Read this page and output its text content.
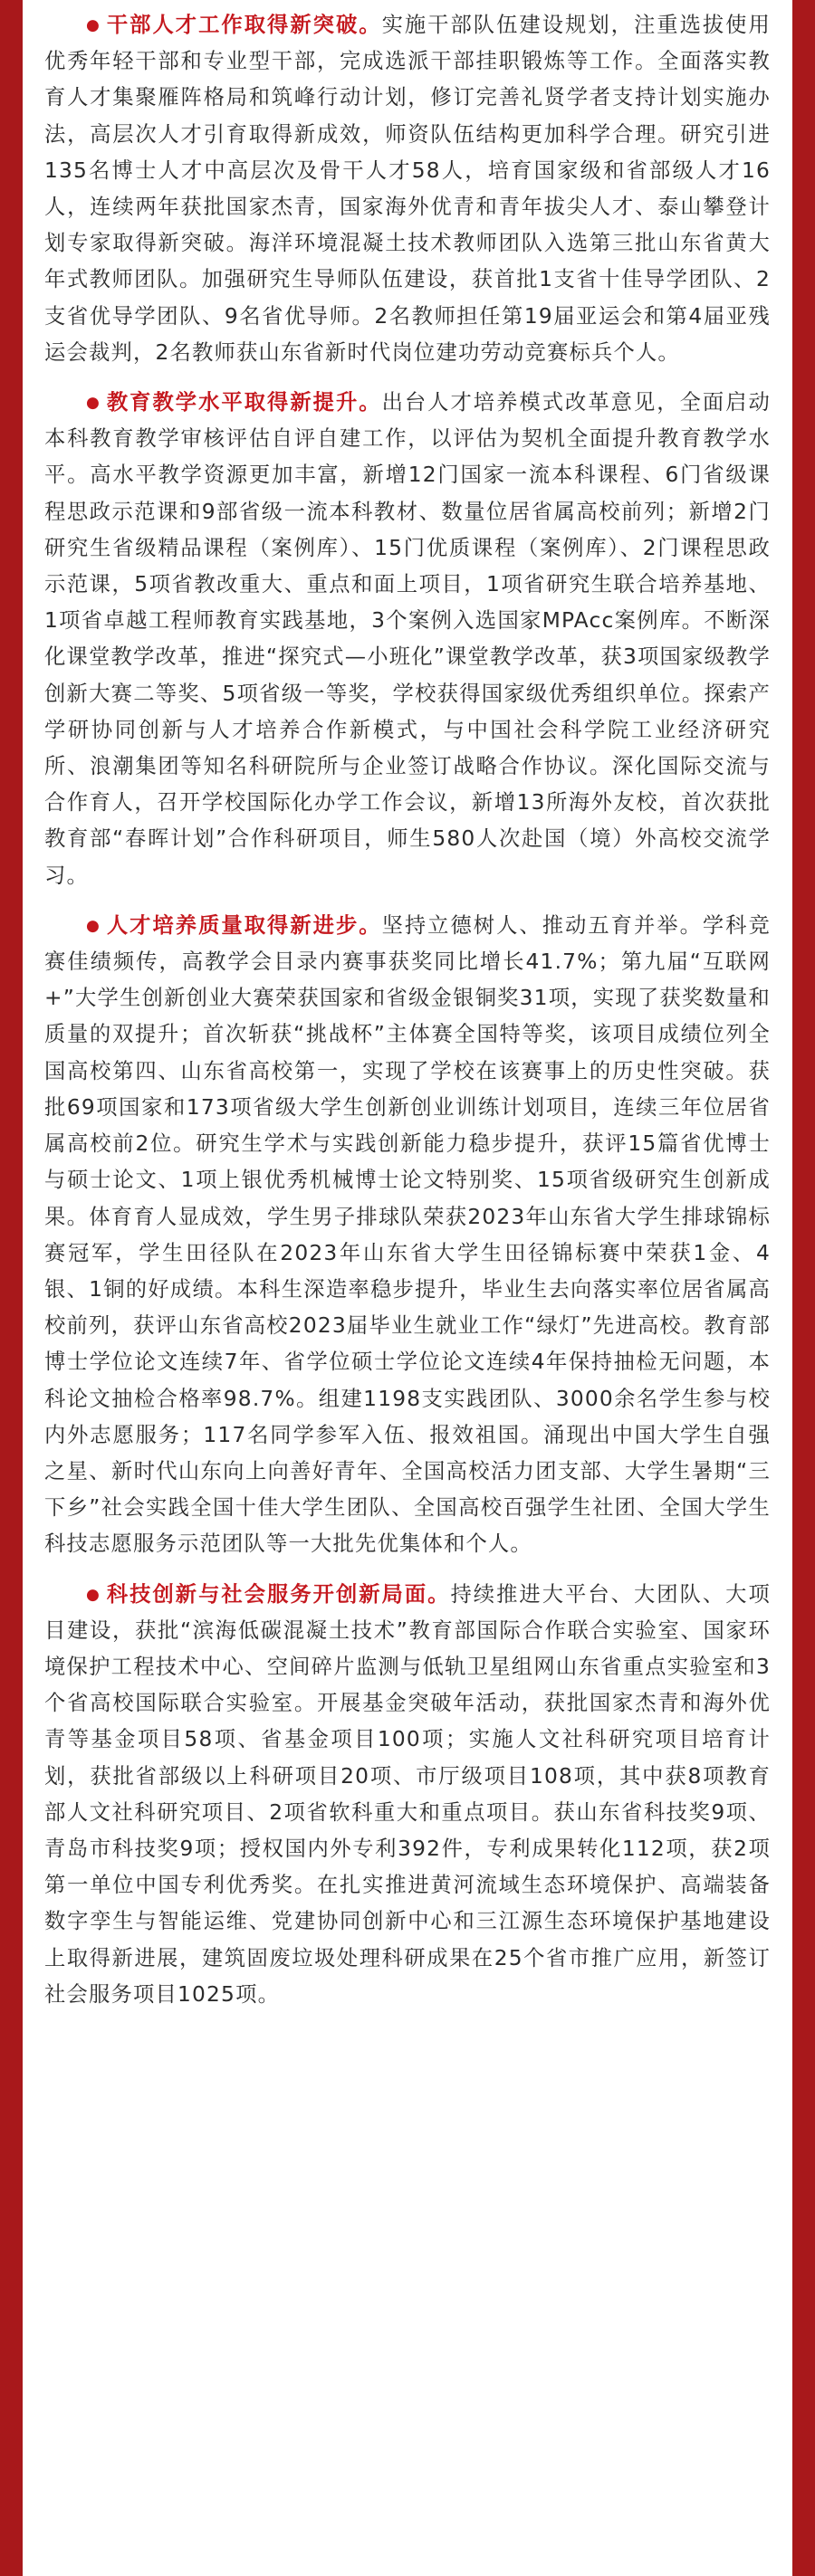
● 干部人才工作取得新突破。实施干部队伍建设规划，注重选拔使用优秀年轻干部和专业型干部，完成选派干部挂职锻炼等工作。全面落实教育人才集聚雁阵格局和筑峰行动计划，修订完善礼贤学者支持计划实施办法，高层次人才引育取得新成效，师资队伍结构更加科学合理。研究引进135名博士人才中高层次及骨干人才58人，培育国家级和省部级人才16人，连续两年获批国家杰青，国家海外优青和青年拔尖人才、泰山攀登计划专家取得新突破。海洋环境混凝土技术教师团队入选第三批山东省黄大年式教师团队。加强研究生导师队伍建设，获首批1支省十佳导学团队、2支省优导学团队、9名省优导师。2名教师担任第19届亚运会和第4届亚残运会裁判，2名教师获山东省新时代岗位建功劳动竞赛标兵个人。

● 教育教学水平取得新提升。出台人才培养模式改革意见，全面启动本科教育教学审核评估自评自建工作，以评估为契机全面提升教育教学水平。高水平教学资源更加丰富，新增12门国家一流本科课程、6门省级课程思政示范课和9部省级一流本科教材、数量位居省属高校前列；新增2门研究生省级精品课程（案例库）、15门优质课程（案例库）、2门课程思政示范课，5项省教改重大、重点和面上项目，1项省研究生联合培养基地、1项省卓越工程师教育实践基地，3个案例入选国家MPAcc案例库。不断深化课堂教学改革，推进“探究式—小班化”课堂教学改革，获3项国家级教学创新大赛二等奖、5项省级一等奖，学校获得国家级优秀组织单位。探索产学研协同创新与人才培养合作新模式，与中国社会科学院工业经济研究所、浪潮集团等知名科研院所与企业签订战略合作协议。深化国际交流与合作育人，召开学校国际化办学工作会议，新增13所海外友校，首次获批教育部“春晖计划”合作科研项目，师生580人次赴国（境）外高校交流学习。

● 人才培养质量取得新进步。坚持立德树人、推动五育并举。学科竞赛佳绩频传，高教学会目录内赛事获奖同比增长41.7%；第九届“互联网+”大学生创新创业大赛荣获国家和省级金银铜奖31项，实现了获奖数量和质量的双提升；首次斩获“挑战杯”主体赛全国特等奖，该项目成绩位列全国高校第四、山东省高校第一，实现了学校在该赛事上的历史性突破。获批69项国家和173项省级大学生创新创业训练计划项目，连续三年位居省属高校前2位。研究生学术与实践创新能力稳步提升，获评15篇省优博士与硕士论文、1项上银优秀机械博士论文特别奖、15项省级研究生创新成果。体育育人显成效，学生男子排球队荣获2023年山东省大学生排球锦标赛冠军，学生田径队在2023年山东省大学生田径锦标赛中荣获1金、4银、1铜的好成绩。本科生深造率稳步提升，毕业生去向落实率位居省属高校前列，获评山东省高校2023届毕业生就业工作“绿灯”先进高校。教育部博士学位论文连续7年、省学位硕士学位论文连续4年保持抽检无问题，本科论文抽检合格率98.7%。组建1198支实践团队、3000余名学生参与校内外志愿服务；117名同学参军入伍、报效祖国。涌现出中国大学生自强之星、新时代山东向上向善好青年、全国高校活力团支部、大学生暑期“三下乡”社会实践全国十佳大学生团队、全国高校百强学生社团、全国大学生科技志愿服务示范团队等一大批先优集体和个人。

● 科技创新与社会服务开创新局面。持续推进大平台、大团队、大项目建设，获批“滨海低碳混凝土技术”教育部国际合作联合实验室、国家环境保护工程技术中心、空间碎片监测与低轨卫星组网山东省重点实验室和3个省高校国际联合实验室。开展基金突破年活动，获批国家杰青和海外优青等基金项目58项、省基金项目100项；实施人文社科研究项目培育计划，获批省部级以上科研项目20项、市厅级项目108项，其中获8项教育部人文社科研究项目、2项省软科重大和重点项目。获山东省科技奖9项、青岛市科技奖9项；授权国内外专利392件，专利成果转化112项，获2项第一单位中国专利优秀奖。在扎实推进黄河流域生态环境保护、高端装备数字孪生与智能运维、党建协同创新中心和三江源生态环境保护基地建设上取得新进展，建筑固废垃圾处理科研成果在25个省市推广应用，新签订社会服务项目1025项。
